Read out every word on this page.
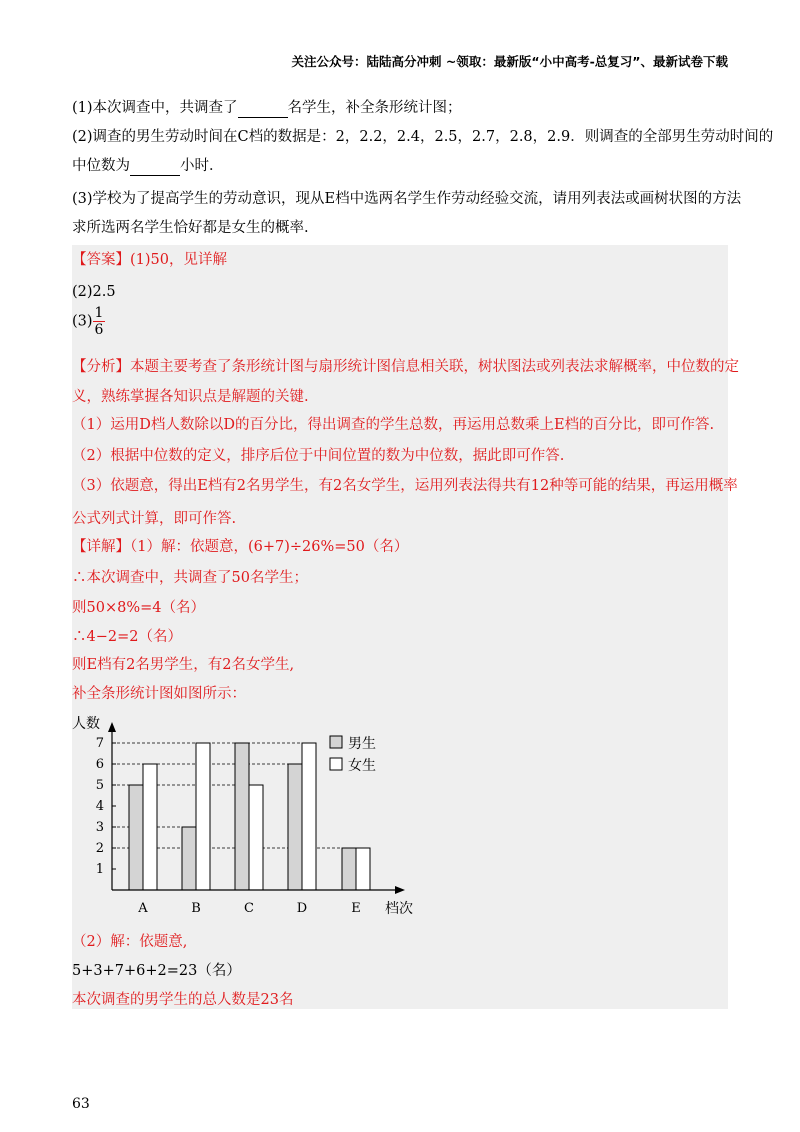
关注公众号：陆陆高分冲刺 ~领取：最新版“小中高考-总复习”、最新试卷下载
(1)本次调查中，共调查了	名学生，补全条形统计图；
(2)调查的男生劳动时间在C档的数据是：2，2.2，2.4，2.5，2.7，2.8，2.9．则调查的全部男生劳动时间的
中位数为	小时．
(3)学校为了提高学生的劳动意识，现从E档中选两名学生作劳动经验交流，请用列表法或画树状图的方法
求所选两名学生恰好都是女生的概率.
【答案】(1)50，见详解
(2)2.5
$(3) \frac{1}{6}$
【分析】本题主要考查了条形统计图与扇形统计图信息相关联，树状图法或列表法求解概率，中位数的定
义，熟练掌握各知识点是解题的关键.
（1）运用D档人数除以D的百分比，得出调查的学生总数，再运用总数乘上E档的百分比，即可作答.
（2）根据中位数的定义，排序后位于中间位置的数为中位数，据此即可作答.
（3）依题意，得出E档有2名男学生，有2名女学生，运用列表法得共有12种等可能的结果，再运用概率
公式列式计算，即可作答.
【详解】（1）解：依题意，(6+7)÷26%=50（名）
∴本次调查中，共调查了50名学生；
则50×8%=4（名）
∴4−2=2（名）
则E档有2名男学生，有2名女学生,
补全条形统计图如图所示：
A	B	C	D	E
1
2
3
4
5
6
7
人数
档次
男生
女生
（2）解：依题意,
5+3+7+6+2=23（名）
本次调查的男学生的总人数是23名
63
